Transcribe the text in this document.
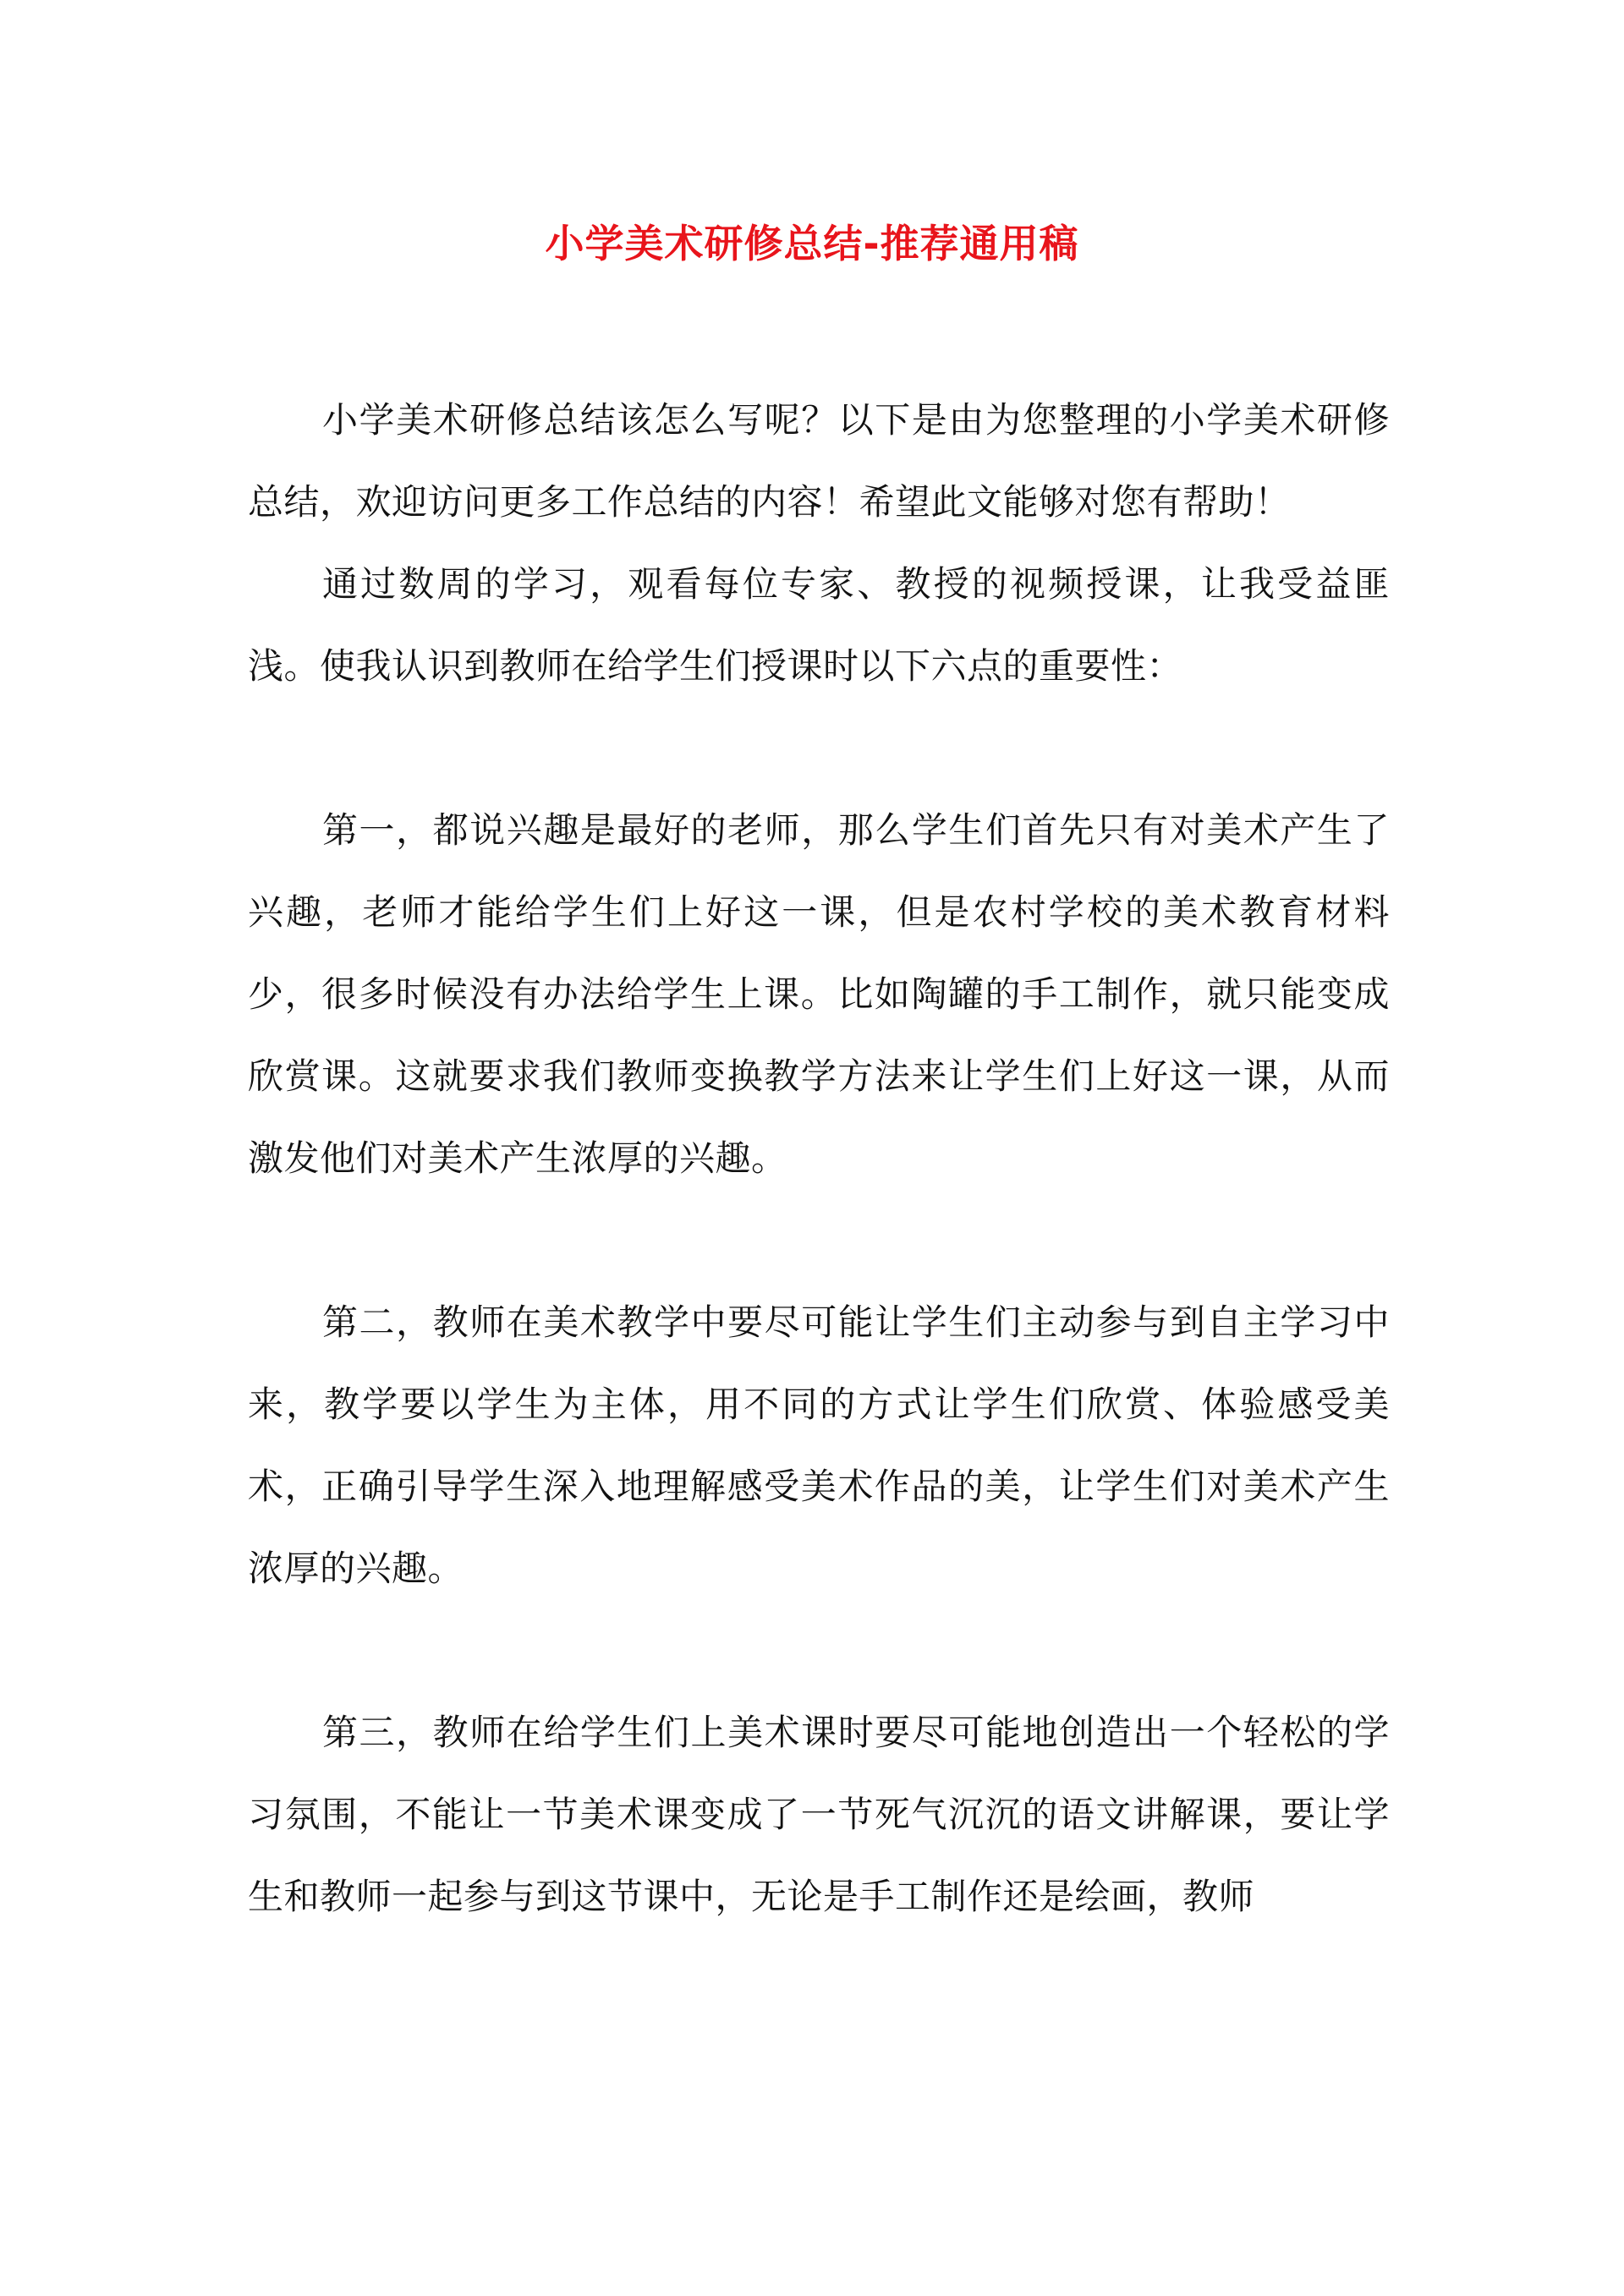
小学美术研修总结-推荐通用稿

小学美术研修总结该怎么写呢？以下是由为您整理的小学美术研修总结，欢迎访问更多工作总结的内容！希望此文能够对您有帮助！

通过数周的学习，观看每位专家、教授的视频授课，让我受益匪浅。使我认识到教师在给学生们授课时以下六点的重要性：

第一，都说兴趣是最好的老师，那么学生们首先只有对美术产生了兴趣，老师才能给学生们上好这一课，但是农村学校的美术教育材料少，很多时候没有办法给学生上课。比如陶罐的手工制作，就只能变成欣赏课。这就要求我们教师变换教学方法来让学生们上好这一课，从而激发他们对美术产生浓厚的兴趣。

第二，教师在美术教学中要尽可能让学生们主动参与到自主学习中来，教学要以学生为主体，用不同的方式让学生们欣赏、体验感受美术，正确引导学生深入地理解感受美术作品的美，让学生们对美术产生浓厚的兴趣。

第三，教师在给学生们上美术课时要尽可能地创造出一个轻松的学习氛围，不能让一节美术课变成了一节死气沉沉的语文讲解课，要让学生和教师一起参与到这节课中，无论是手工制作还是绘画，教师
